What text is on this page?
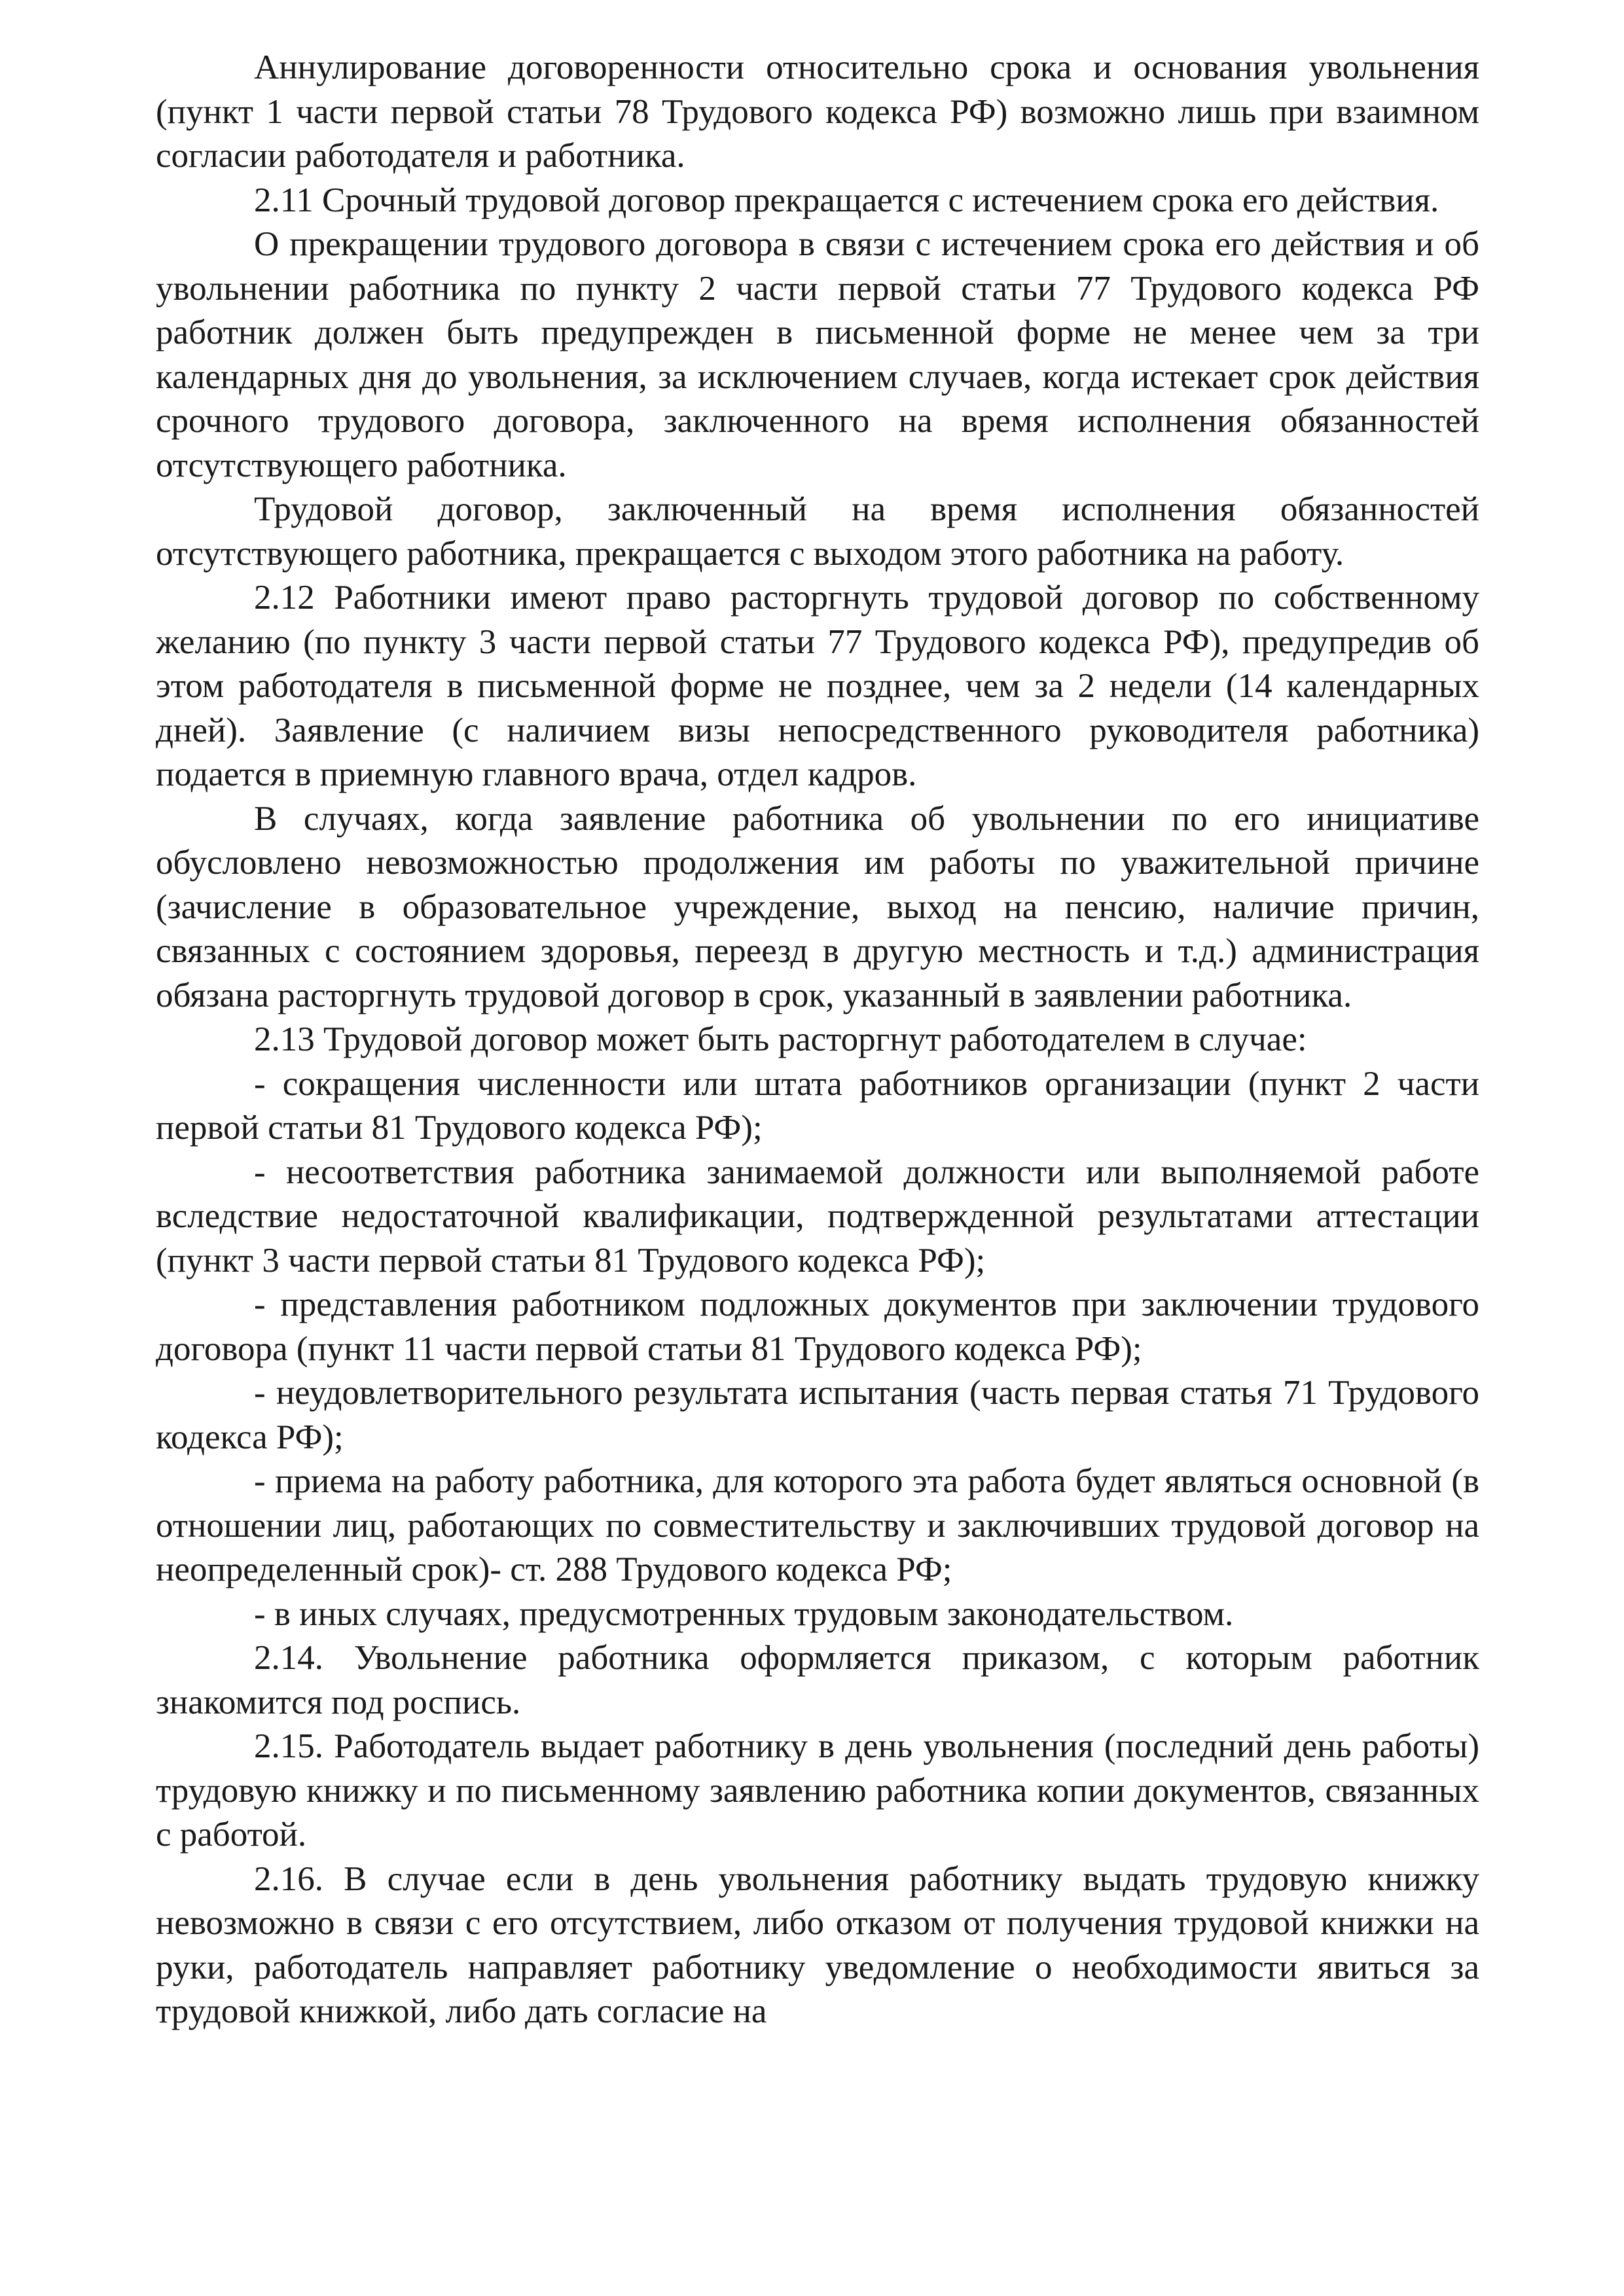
Аннулирование договоренности относительно срока и основания увольнения (пункт 1 части первой статьи 78 Трудового кодекса РФ) возможно лишь при взаимном согласии работодателя и работника.

2.11 Срочный трудовой договор прекращается с истечением срока его действия.

О прекращении трудового договора в связи с истечением срока его действия и об увольнении работника по пункту 2 части первой статьи 77 Трудового кодекса РФ работник должен быть предупрежден в письменной форме не менее чем за три календарных дня до увольнения, за исключением случаев, когда истекает срок действия срочного трудового договора, заключенного на время исполнения обязанностей отсутствующего работника.

Трудовой договор, заключенный на время исполнения обязанностей отсутствующего работника, прекращается с выходом этого работника на работу.

2.12 Работники имеют право расторгнуть трудовой договор по собственному желанию (по пункту 3 части первой статьи 77 Трудового кодекса РФ), предупредив об этом работодателя в письменной форме не позднее, чем за 2 недели (14 календарных дней). Заявление (с наличием визы непосредственного руководителя работника) подается в приемную главного врача, отдел кадров.

В случаях, когда заявление работника об увольнении по его инициативе обусловлено невозможностью продолжения им работы по уважительной причине (зачисление в образовательное учреждение, выход на пенсию, наличие причин, связанных с состоянием здоровья, переезд в другую местность и т.д.) администрация обязана расторгнуть трудовой договор в срок, указанный в заявлении работника.

2.13 Трудовой договор может быть расторгнут работодателем в случае:

- сокращения численности или штата работников организации (пункт 2 части первой статьи 81 Трудового кодекса РФ);

- несоответствия работника занимаемой должности или выполняемой работе вследствие недостаточной квалификации, подтвержденной результатами аттестации (пункт 3 части первой статьи 81 Трудового кодекса РФ);

- представления работником подложных документов при заключении трудового договора (пункт 11 части первой статьи 81 Трудового кодекса РФ);

- неудовлетворительного результата испытания (часть первая статья 71 Трудового кодекса РФ);

- приема на работу работника, для которого эта работа будет являться основной (в отношении лиц, работающих по совместительству и заключивших трудовой договор на неопределенный срок)- ст. 288 Трудового кодекса РФ;

- в иных случаях, предусмотренных трудовым законодательством.

2.14. Увольнение работника оформляется приказом, с которым работник знакомится под роспись.

2.15. Работодатель выдает работнику в день увольнения (последний день работы) трудовую книжку и по письменному заявлению работника копии документов, связанных с работой.

2.16. В случае если в день увольнения работнику выдать трудовую книжку невозможно в связи с его отсутствием, либо отказом от получения трудовой книжки на руки, работодатель направляет работнику уведомление о необходимости явиться за трудовой книжкой, либо дать согласие на
